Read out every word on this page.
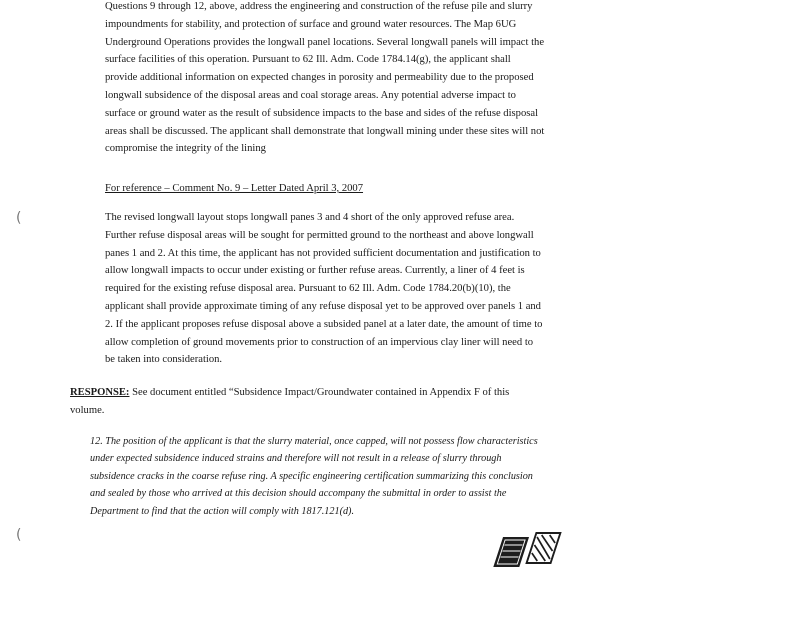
Questions 9 through 12, above, address the engineering and construction of the refuse pile and slurry impoundments for stability, and protection of surface and ground water resources. The Map 6UG Underground Operations provides the longwall panel locations. Several longwall panels will impact the surface facilities of this operation. Pursuant to 62 Ill. Adm. Code 1784.14(g), the applicant shall provide additional information on expected changes in porosity and permeability due to the proposed longwall subsidence of the disposal areas and coal storage areas. Any potential adverse impact to surface or ground water as the result of subsidence impacts to the base and sides of the refuse disposal areas shall be discussed. The applicant shall demonstrate that longwall mining under these sites will not compromise the integrity of the lining

For reference – Comment No. 9 – Letter Dated April 3, 2007

The revised longwall layout stops longwall panes 3 and 4 short of the only approved refuse area. Further refuse disposal areas will be sought for permitted ground to the northeast and above longwall panes 1 and 2. At this time, the applicant has not provided sufficient documentation and justification to allow longwall impacts to occur under existing or further refuse areas. Currently, a liner of 4 feet is required for the existing refuse disposal area. Pursuant to 62 Ill. Adm. Code 1784.20(b)(10), the applicant shall provide approximate timing of any refuse disposal yet to be approved over panels 1 and 2. If the applicant proposes refuse disposal above a subsided panel at a later date, the amount of time to allow completion of ground movements prior to construction of an impervious clay liner will need to be taken into consideration.

RESPONSE: See document entitled “Subsidence Impact/Groundwater contained in Appendix F of this volume.

12. The position of the applicant is that the slurry material, once capped, will not possess flow characteristics under expected subsidence induced strains and therefore will not result in a release of slurry through subsidence cracks in the coarse refuse ring. A specific engineering certification summarizing this conclusion and sealed by those who arrived at this decision should accompany the submittal in order to assist the Department to find that the action will comply with 1817.121(d).

(
(
